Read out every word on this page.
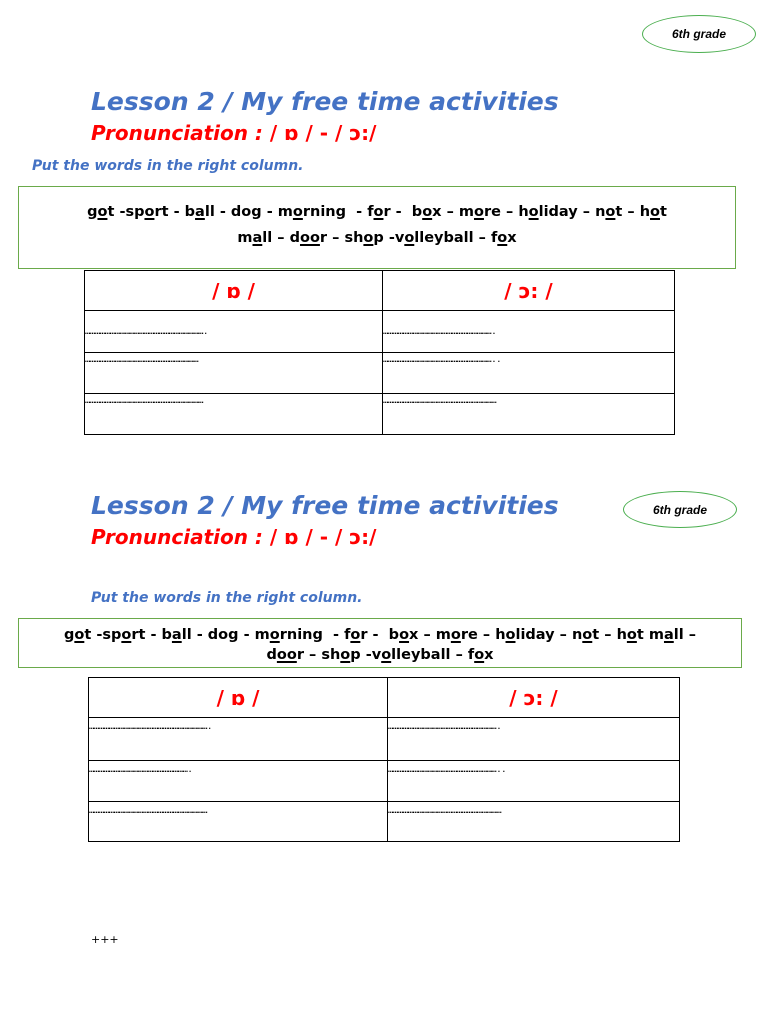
6th grade
Lesson 2 / My free time activities
Pronunciation : / ɒ / - / ɔ:/
Put the words in the right column.
got -sport - ball - dog - morning  - for -  box – more – holiday – not – hot
mall – door – shop -volleyball – fox
/ ɒ /	/ ɔ: /
……………………………………………………………….	………………………………………………………….
……………………………………………………………	…………………………………………………………..
………………………………………………………………	……………………………………………………………
Lesson 2 / My free time activities	6th grade
Pronunciation : / ɒ / - / ɔ:/
Put the words in the right column.
got -sport - ball - dog - morning  - for -  box – more – holiday – not – hot mall –
door – shop -volleyball – fox
/ ɒ /	/ ɔ: /
……………………………………………………………….	………………………………………………………….
…………………………………………………….	…………………………………………………………..
………………………………………………………………	……………………………………………………………
+++
